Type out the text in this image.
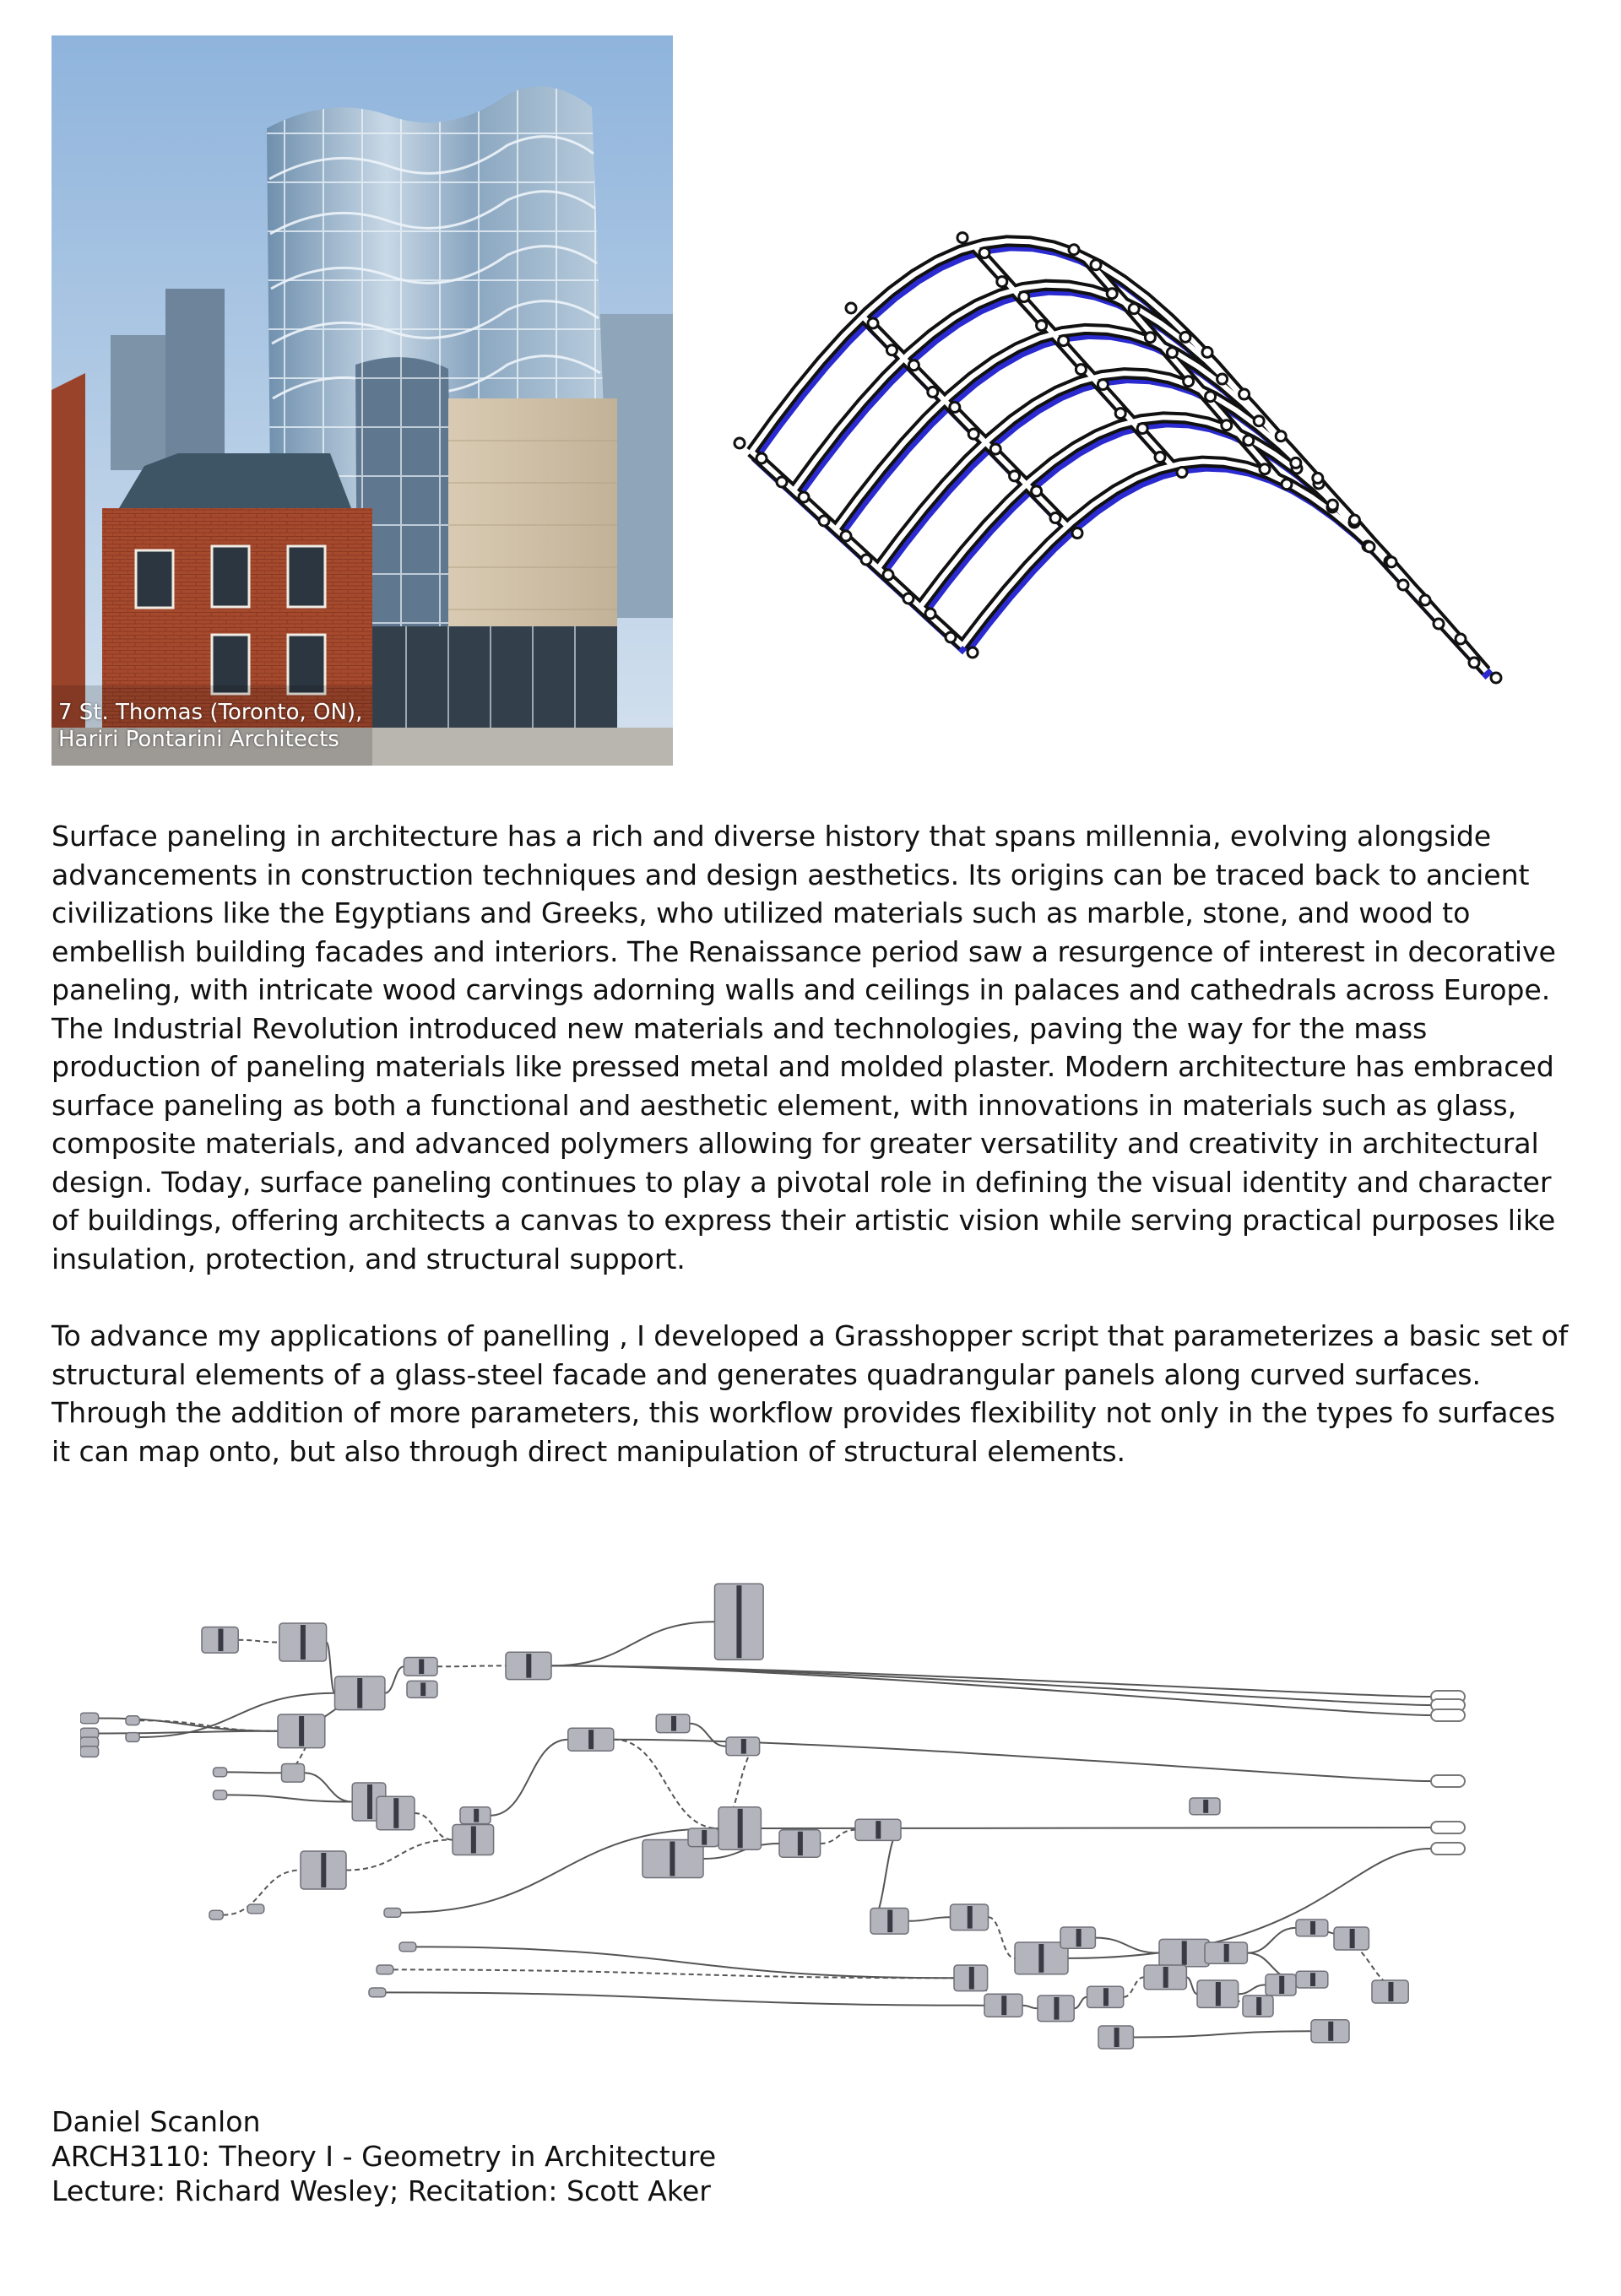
7 St. Thomas (Toronto, ON),
Hariri Pontarini Architects

Surface paneling in architecture has a rich and diverse history that spans millennia, evolving alongside advancements in construction techniques and design aesthetics. Its origins can be traced back to ancient civilizations like the Egyptians and Greeks, who utilized materials such as marble, stone, and wood to embellish building facades and interiors. The Renaissance period saw a resurgence of interest in decorative paneling, with intricate wood carvings adorning walls and ceilings in palaces and cathedrals across Europe. The Industrial Revolution introduced new materials and technologies, paving the way for the mass production of paneling materials like pressed metal and molded plaster. Modern architecture has embraced surface paneling as both a functional and aesthetic element, with innovations in materials such as glass, composite materials, and advanced polymers allowing for greater versatility and creativity in architectural design. Today, surface paneling continues to play a pivotal role in defining the visual identity and character of buildings, offering architects a canvas to express their artistic vision while serving practical purposes like insulation, protection, and structural support.

To advance my applications of panelling , I developed a Grasshopper script that parameterizes a basic set of structural elements of a glass-steel facade and generates quadrangular panels along curved surfaces. Through the addition of more parameters, this workflow provides flexibility not only in the types fo surfaces it can map onto, but also through direct manipulation of structural elements.

Daniel Scanlon
ARCH3110: Theory I - Geometry in Architecture
Lecture: Richard Wesley; Recitation: Scott Aker
